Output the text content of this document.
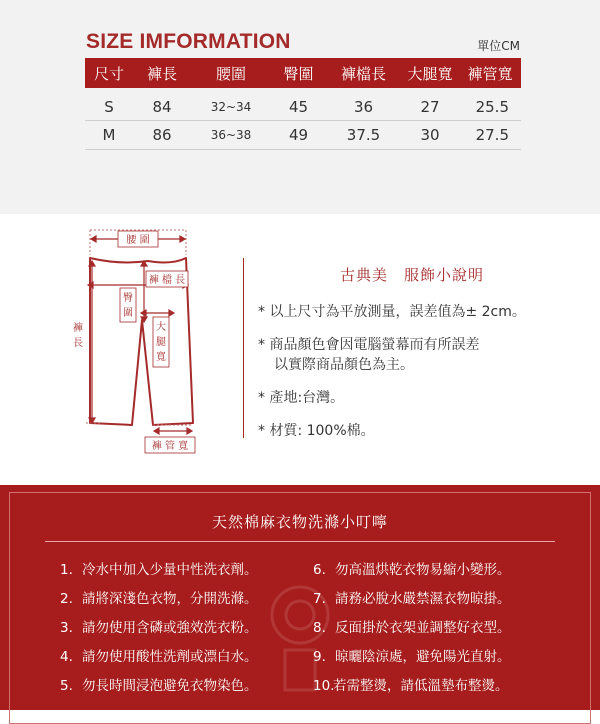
SIZE IMFORMATION	單位CM
尺寸	褲長	腰圍	臀圍	褲檔長	大腿寬	褲管寬
S	84	32~34	45	36	27	25.5
M	86	36~38	49	37.5	30	27.5
腰 圍
褲 檔 長
臀
圍
大
腿
寬
褲
長
褲 管 寬
古典美　服飾小說明
* 以上尺寸為平放測量，誤差值為± 2cm。
* 商品顏色會因電腦螢幕而有所誤差
以實際商品顏色為主。
* 產地:台灣。
* 材質: 100%棉。
天然棉麻衣物洗滌小叮嚀
1. 冷水中加入少量中性洗衣劑。
2. 請將深淺色衣物，分開洗滌。
3. 請勿使用含磷或強效洗衣粉。
4. 請勿使用酸性洗劑或漂白水。
5. 勿長時間浸泡避免衣物染色。
6. 勿高溫烘乾衣物易縮小變形。
7. 請務必脫水嚴禁濕衣物晾掛。
8. 反面掛於衣架並調整好衣型。
9. 晾曬陰涼處，避免陽光直射。
10.若需整燙，請低溫墊布整燙。
